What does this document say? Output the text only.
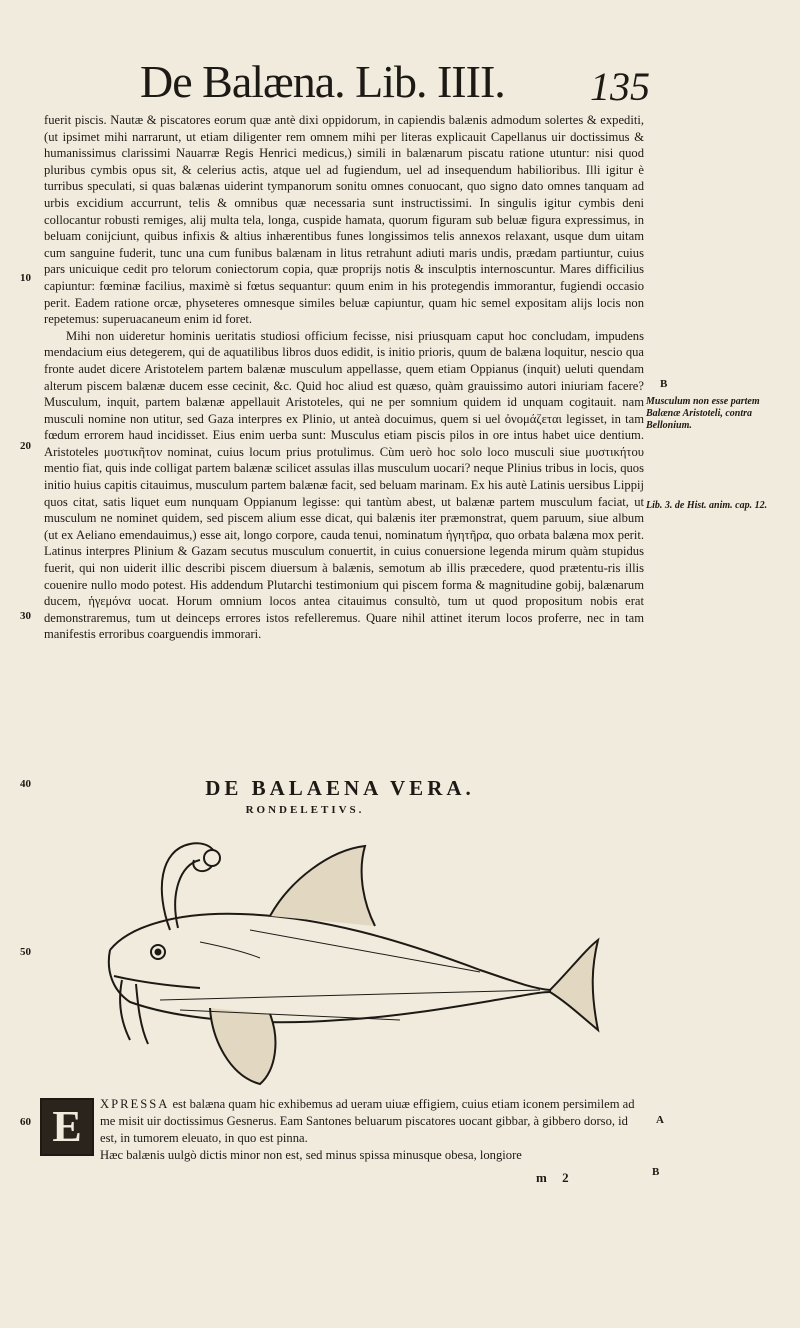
De Balæna. Lib. IIII. 135

fuerit piscis. Nautæ & piscatores eorum quæ antè dixi oppidorum, in capiendis balænis admodum solertes & expediti, (ut ipsimet mihi narrarunt, ut etiam diligenter rem omnem mihi per literas explicauit Capellanus uir doctissimus & humanissimus clarissimi Nauarræ Regis Henrici medicus,) simili in balænarum piscatu ratione utuntur: nisi quod pluribus cymbis opus sit, & celerius actis, atque uel ad fugiendum, uel ad insequendum habilioribus. Illi igitur è turribus speculati, si quas balænas uiderint tympanorum sonitu omnes conuocant, quo signo dato omnes tanquam ad urbis excidium accurrunt, telis & omnibus quæ necessaria sunt instructissimi. In singulis igitur cymbis deni collocantur robusti remiges, alij multa tela, longa, cuspide hamata, quorum figuram sub beluæ figura expressimus, in beluam conijciunt, quibus infixis & altius inhærentibus funes longissimos telis annexos relaxant, usque dum uitam cum sanguine fuderit, tunc una cum funibus balænam in litus retrahunt adiuti maris undis, prædam partiuntur, cuius pars unicuique cedit pro telorum coniectorum copia, quæ proprijs notis & insculptis internoscuntur. Mares difficilius capiuntur: fœminæ facilius, maximè si fœtus sequantur: quum enim in his protegendis immorantur, fugiendi occasio perit. Eadem ratione orcæ, physeteres omnesque similes beluæ capiuntur, quam hic semel expositam alijs locis non repetemus: superuacaneum enim id foret.

Mihi non uideretur hominis ueritatis studiosi officium fecisse, nisi priusquam caput hoc concludam, impudens mendacium eius detegerem, qui de aquatilibus libros duos edidit, is initio prioris, quum de balæna loquitur, nescio qua fronte audet dicere Aristotelem partem balænæ musculum appellasse, quem etiam Oppianus (inquit) ueluti quendam alterum piscem balænæ ducem esse cecinit, &c. Quid hoc aliud est quæso, quàm grauissimo autori iniuriam facere? Musculum, inquit, partem balænæ appellauit Aristoteles, qui ne per somnium quidem id unquam cogitauit. nam musculi nomine non utitur, sed Gaza interpres ex Plinio, ut anteà docuimus, quem si uel ὀνομάζεται legisset, in tam fœdum errorem haud incidisset. Eius enim uerba sunt: Musculus etiam piscis pilos in ore intus habet uice dentium. Aristoteles μυστικῆτον nominat, cuius locum prius protulimus. Cùm uerò hoc solo loco musculi siue μυστικήτου mentio fiat, quis inde colligat partem balænæ scilicet assulas illas musculum uocari? neque Plinius tribus in locis, quos initio huius capitis citauimus, musculum partem balænæ facit, sed beluam marinam. Ex his autè Latinis uersibus Lippij quos citat, satis liquet eum nunquam Oppianum legisse: qui tantùm abest, ut balænæ partem musculum faciat, ut musculum ne nominet quidem, sed piscem alium esse dicat, qui balænis iter præmonstrat, quem paruum, siue album (ut ex Aeliano emendauimus,) esse ait, longo corpore, cauda tenui, nominatum ἡγητῆρα, quo orbata balæna mox perit. Latinus interpres Plinium & Gazam secutus musculum conuertit, in cuius conuersione legenda mirum quàm stupidus fuerit, qui non uiderit illic describi piscem diuersum à balænis, semotum ab illis præcedere, quod prætentu-ris illis couenire nullo modo potest. His addendum Plutarchi testimonium qui piscem forma & magnitudine gobij, balænarum ducem, ἡγεμόνα uocat. Horum omnium locos antea citauimus consultò, tum ut quod propositum nobis erat demonstraremus, tum ut deinceps errores istos refelleremus. Quare nihil attinet iterum locos proferre, nec in tam manifestis erroribus coarguendis immorari.

10
20
30
40
50
60
B
Musculum non esse partem Balænæ Aristoteli, contra Bellonium.
Lib. 3. de Hist. anim. cap. 12.
DE BALAENA VERA.
RONDELETIVS.
E	XPRESSA est balæna quam hic exhibemus ad ueram uiuæ effigiem, cuius etiam iconem persimilem ad me misit uir doctissimus Gesnerus. Eam Santones beluarum piscatores uocant gibbar, à gibbero dorso, id est, in tumorem eleuato, in quo est pinna.
Hæc balænis uulgò dictis minor non est, sed minus spissa minusque obesa, longiore
A
B
m 2
